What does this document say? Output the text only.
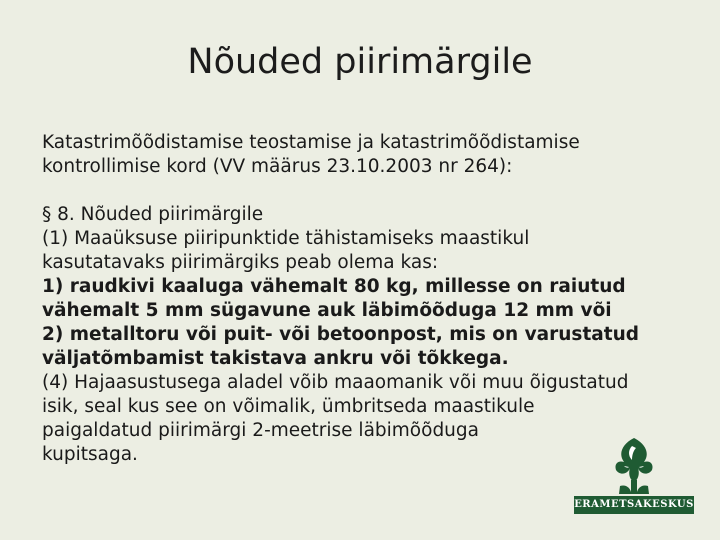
Nõuded piirimärgile
Katastrimõõdistamise teostamise ja katastrimõõdistamise
kontrollimise kord (VV määrus 23.10.2003 nr 264):
§ 8. Nõuded piirimärgile
(1) Maaüksuse piiripunktide tähistamiseks maastikul
kasutatavaks piirimärgiks peab olema kas:
1) raudkivi kaaluga vähemalt 80 kg, millesse on raiutud
vähemalt 5 mm sügavune auk läbimõõduga 12 mm või
2) metalltoru või puit- või betoonpost, mis on varustatud
väljatõmbamist takistava ankru või tõkkega.
(4) Hajaasustusega aladel võib maaomanik või muu õigustatud
isik, seal kus see on võimalik, ümbritseda maastikule
paigaldatud piirimärgi 2-meetrise läbimõõduga
kupitsaga.
ERAMETSAKESKUS
